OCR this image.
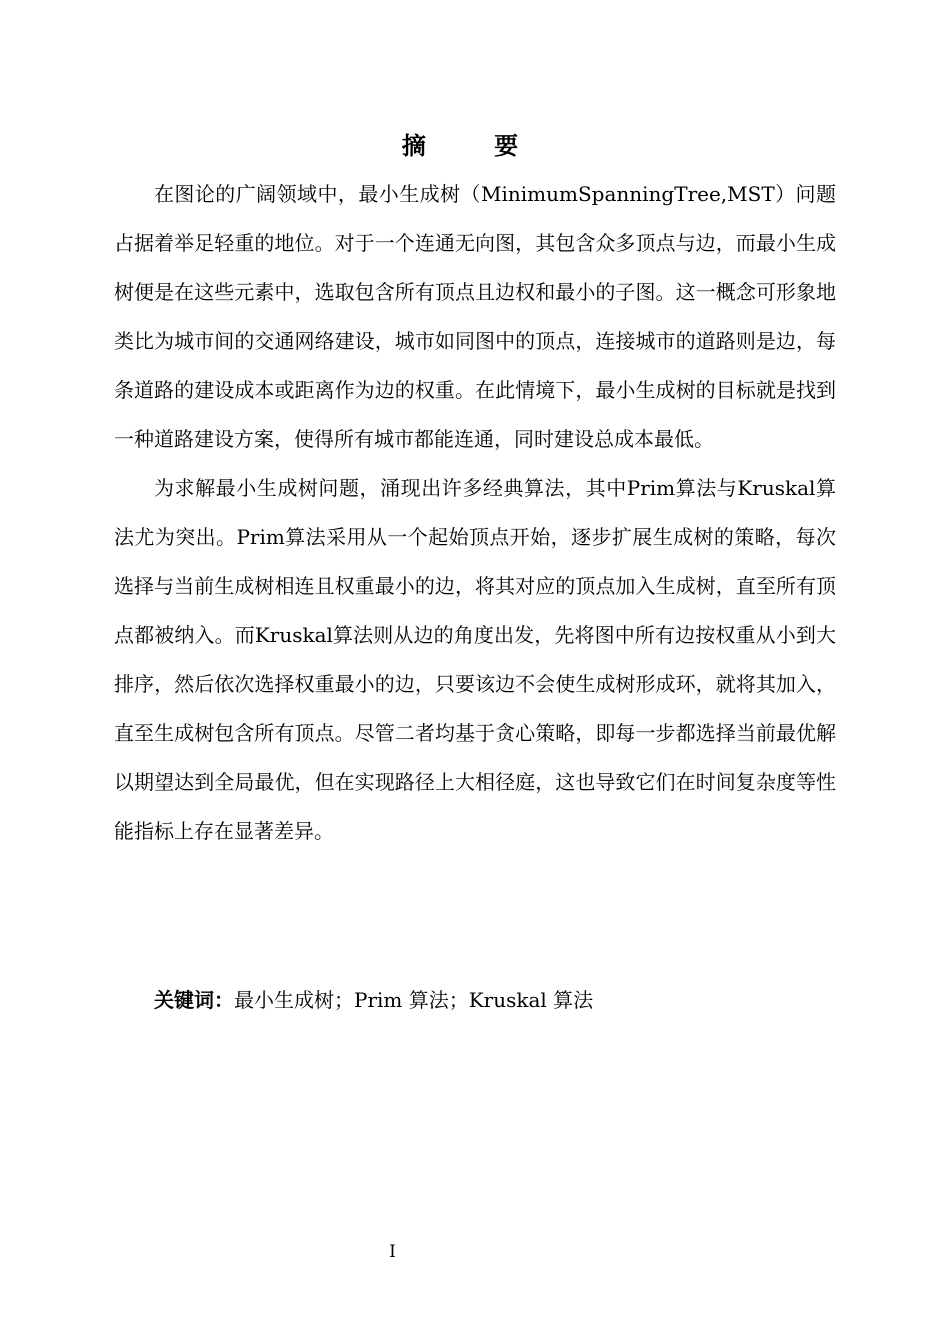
摘 要

在图论的广阔领域中，最小生成树（MinimumSpanningTree,MST）问题占据着举足轻重的地位。对于一个连通无向图，其包含众多顶点与边，而最小生成树便是在这些元素中，选取包含所有顶点且边权和最小的子图。这一概念可形象地类比为城市间的交通网络建设，城市如同图中的顶点，连接城市的道路则是边，每条道路的建设成本或距离作为边的权重。在此情境下，最小生成树的目标就是找到一种道路建设方案，使得所有城市都能连通，同时建设总成本最低。

为求解最小生成树问题，涌现出许多经典算法，其中Prim算法与Kruskal算法尤为突出。Prim算法采用从一个起始顶点开始，逐步扩展生成树的策略，每次选择与当前生成树相连且权重最小的边，将其对应的顶点加入生成树，直至所有顶点都被纳入。而Kruskal算法则从边的角度出发，先将图中所有边按权重从小到大排序，然后依次选择权重最小的边，只要该边不会使生成树形成环，就将其加入，直至生成树包含所有顶点。尽管二者均基于贪心策略，即每一步都选择当前最优解以期望达到全局最优，但在实现路径上大相径庭，这也导致它们在时间复杂度等性能指标上存在显著差异。

关键词：最小生成树；Prim 算法；Kruskal 算法
I
